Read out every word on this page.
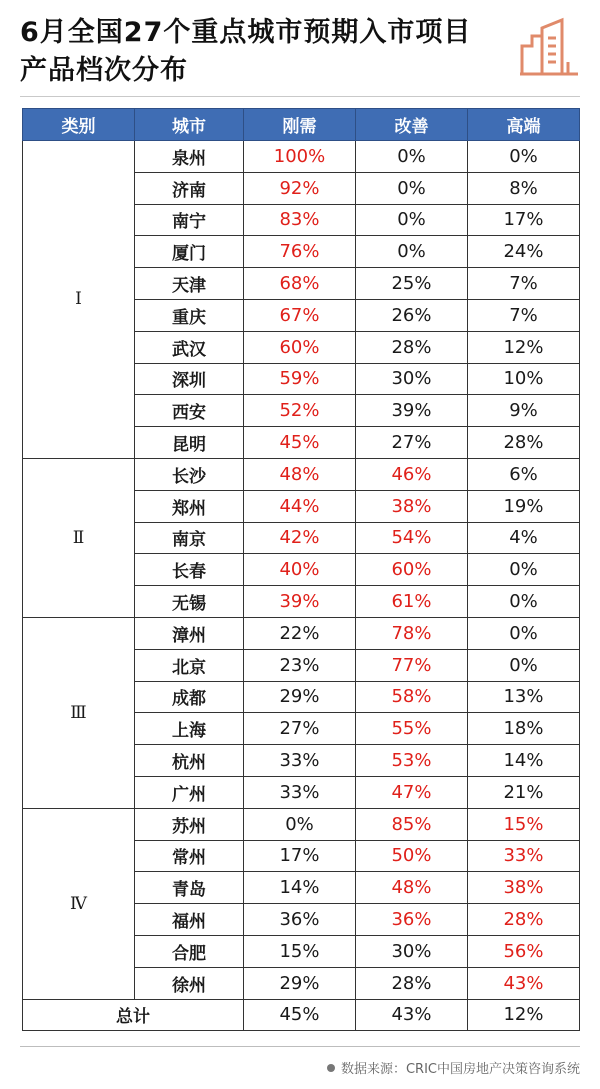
6月全国27个重点城市预期入市项目产品档次分布
类别	城市	刚需	改善	高端
Ⅰ	泉州	100%	0%	0%
	济南	92%	0%	8%
	南宁	83%	0%	17%
	厦门	76%	0%	24%
	天津	68%	25%	7%
	重庆	67%	26%	7%
	武汉	60%	28%	12%
	深圳	59%	30%	10%
	西安	52%	39%	9%
	昆明	45%	27%	28%
Ⅱ	长沙	48%	46%	6%
	郑州	44%	38%	19%
	南京	42%	54%	4%
	长春	40%	60%	0%
	无锡	39%	61%	0%
Ⅲ	漳州	22%	78%	0%
	北京	23%	77%	0%
	成都	29%	58%	13%
	上海	27%	55%	18%
	杭州	33%	53%	14%
	广州	33%	47%	21%
Ⅳ	苏州	0%	85%	15%
	常州	17%	50%	33%
	青岛	14%	48%	38%
	福州	36%	36%	28%
	合肥	15%	30%	56%
	徐州	29%	28%	43%
总计		45%	43%	12%
数据来源：CRIC中国房地产决策咨询系统
